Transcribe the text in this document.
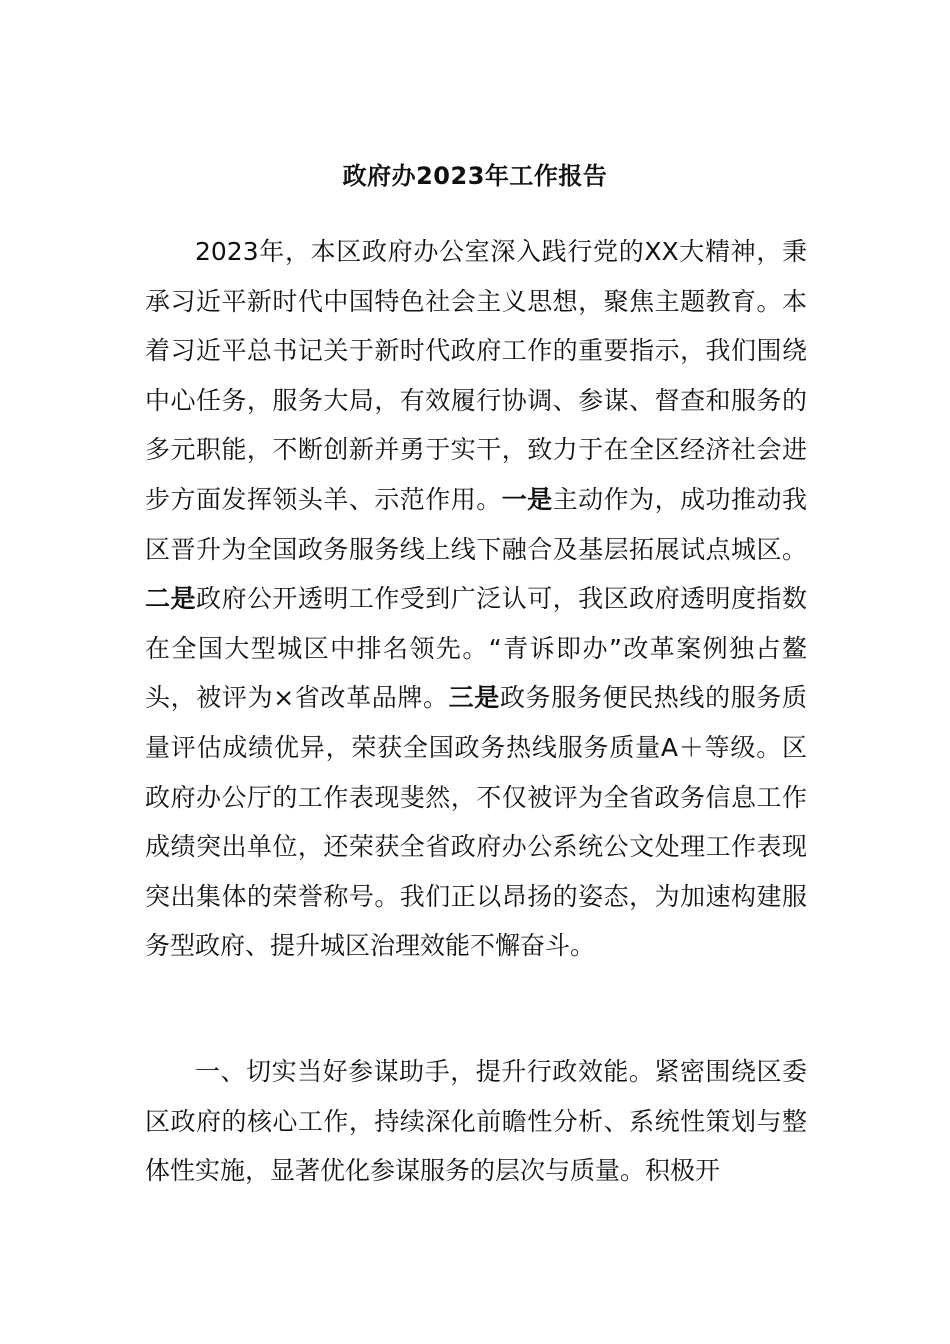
政府办2023年工作报告

2023年，本区政府办公室深入践行党的XX大精神，秉承习近平新时代中国特色社会主义思想，聚焦主题教育。本着习近平总书记关于新时代政府工作的重要指示，我们围绕中心任务，服务大局，有效履行协调、参谋、督查和服务的多元职能，不断创新并勇于实干，致力于在全区经济社会进步方面发挥领头羊、示范作用。一是主动作为，成功推动我区晋升为全国政务服务线上线下融合及基层拓展试点城区。二是政府公开透明工作受到广泛认可，我区政府透明度指数在全国大型城区中排名领先。“青诉即办”改革案例独占鳌头，被评为×省改革品牌。三是政务服务便民热线的服务质量评估成绩优异，荣获全国政务热线服务质量A＋等级。区政府办公厅的工作表现斐然，不仅被评为全省政务信息工作成绩突出单位，还荣获全省政府办公系统公文处理工作表现突出集体的荣誉称号。我们正以昂扬的姿态，为加速构建服务型政府、提升城区治理效能不懈奋斗。

一、切实当好参谋助手，提升行政效能。紧密围绕区委区政府的核心工作，持续深化前瞻性分析、系统性策划与整体性实施，显著优化参谋服务的层次与质量。积极开
